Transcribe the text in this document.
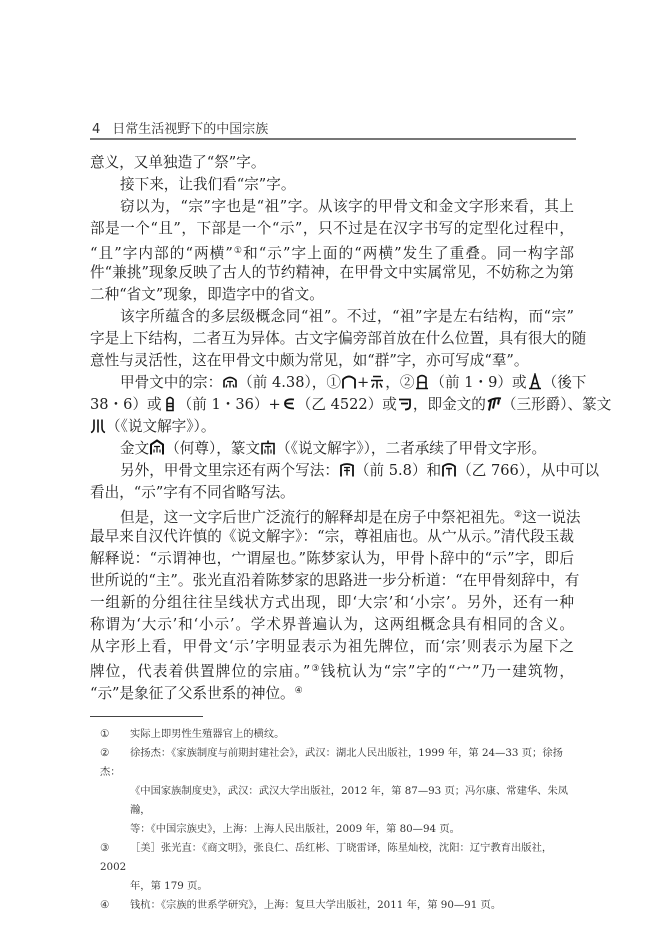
4 日常生活视野下的中国宗族
意义，又单独造了“祭”字。
接下来，让我们看“宗”字。
窃以为，“宗”字也是“祖”字。从该字的甲骨文和金文字形来看，其上
部是一个“且”，下部是一个“示”，只不过是在汉字书写的定型化过程中，
“且”字内部的“两横”①和“示”字上面的“两横”发生了重叠。同一构字部
件“兼挑”现象反映了古人的节约精神，在甲骨文中实属常见，不妨称之为第
二种“省文”现象，即造字中的省文。
该字所蕴含的多层级概念同“祖”。不过，“祖”字是左右结构，而“宗”
字是上下结构，二者互为异体。古文字偏旁部首放在什么位置，具有很大的随
意性与灵活性，这在甲骨文中颇为常见，如“群”字，亦可写成“羣”。
甲骨文中的宗： （前 4.38），① + ，② （前 1・9）或 （後下
38・6）或 （前 1・36）+ （乙 4522）或 ，即金文的 （三形爵）、篆文
（《说文解字》）。
金文 （何尊），篆文 （《说文解字》），二者承续了甲骨文字形。
另外，甲骨文里宗还有两个写法： （前 5.8）和 （乙 766），从中可以
看出，“示”字有不同省略写法。
但是，这一文字后世广泛流行的解释却是在房子中祭祀祖先。②这一说法
最早来自汉代许慎的《说文解字》：“宗，尊祖庙也。从宀从示。”清代段玉裁
解释说：“示谓神也，宀谓屋也。”陈梦家认为，甲骨卜辞中的“示”字，即后
世所说的“主”。张光直沿着陈梦家的思路进一步分析道：“在甲骨刻辞中，有
一组新的分组往往呈线状方式出现，即‘大宗’和‘小宗’。另外，还有一种
称谓为‘大示’和‘小示’。学术界普遍认为，这两组概念具有相同的含义。
从字形上看，甲骨文‘示’字明显表示为祖先牌位，而‘宗’则表示为屋下之
牌位，代表着供置牌位的宗庙。”③钱杭认为“宗”字的“宀”乃一建筑物，
“示”是象征了父系世系的神位。④
① 实际上即男性生殖器官上的横纹。
② 徐扬杰：《家族制度与前期封建社会》，武汉：湖北人民出版社，1999 年，第 24—33 页；徐扬杰：
《中国家族制度史》，武汉：武汉大学出版社，2012 年，第 87—93 页；冯尔康、常建华、朱凤瀚，
等：《中国宗族史》，上海：上海人民出版社，2009 年，第 80—94 页。
③ ［美］张光直：《商文明》，张良仁、岳红彬、丁晓雷译，陈星灿校，沈阳：辽宁教育出版社，2002
年，第 179 页。
④ 钱杭：《宗族的世系学研究》，上海：复旦大学出版社，2011 年，第 90—91 页。
